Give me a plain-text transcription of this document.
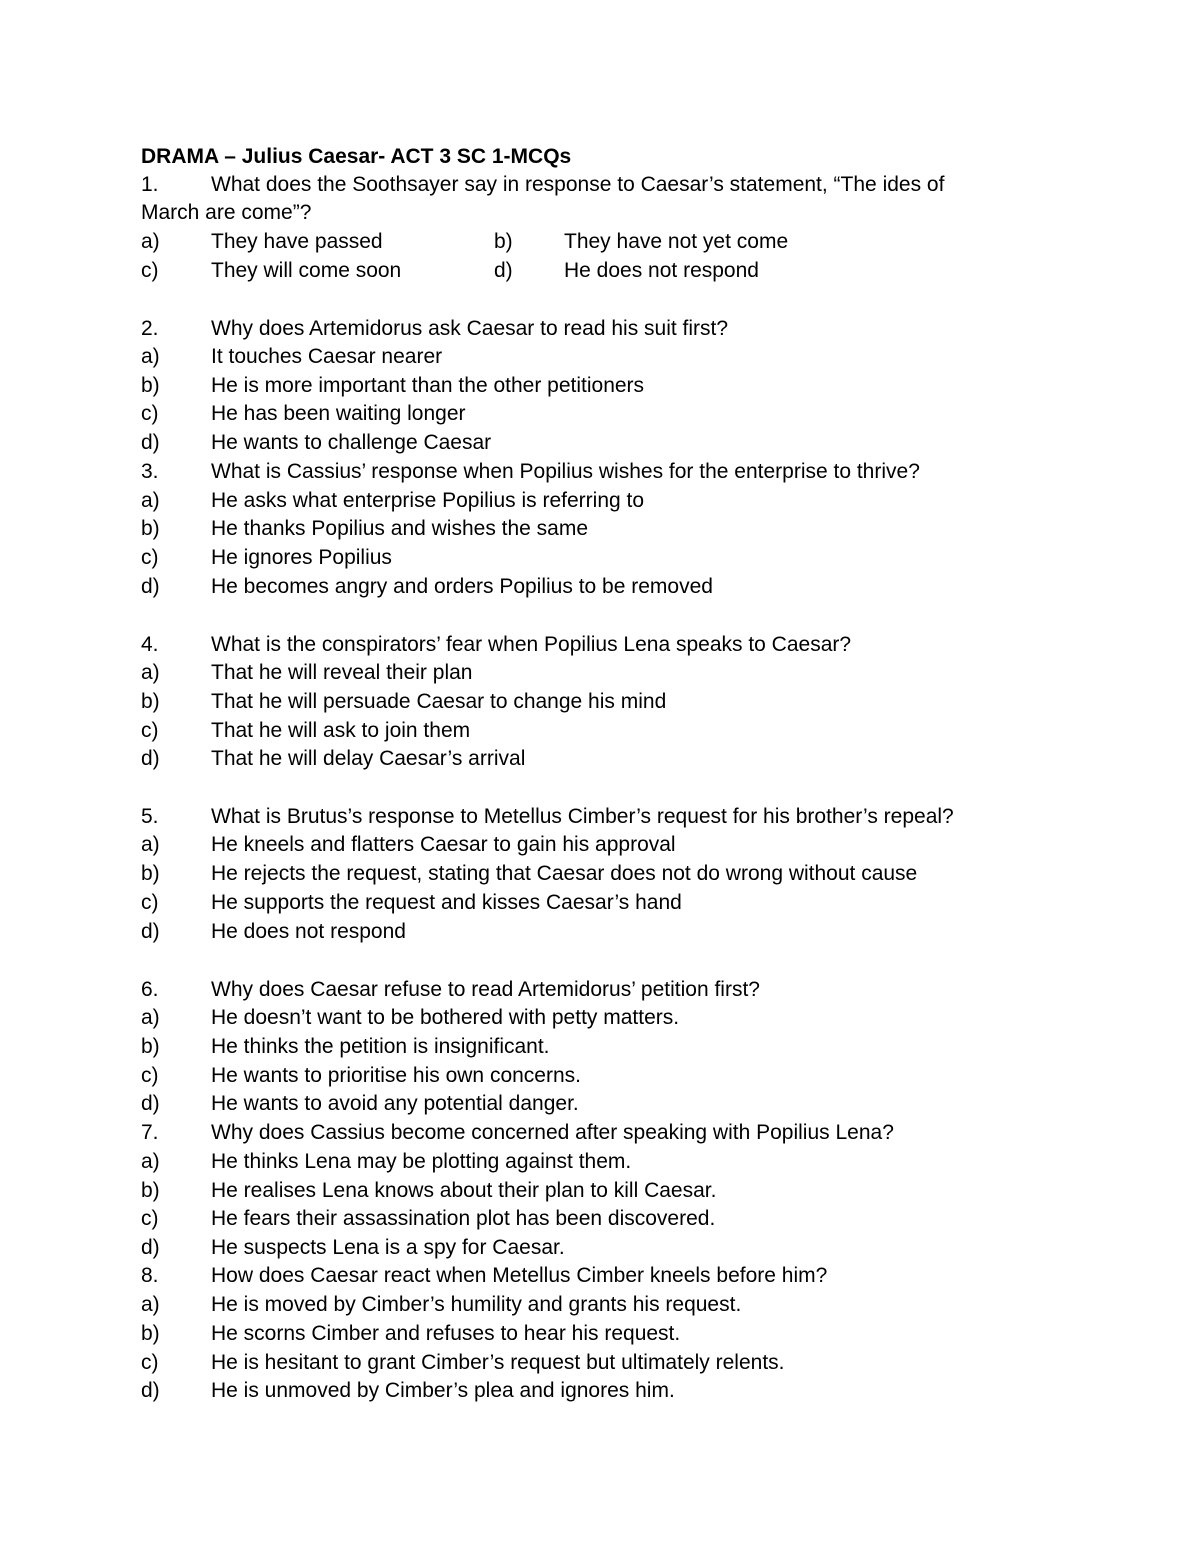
DRAMA – Julius Caesar- ACT 3 SC 1-MCQs
1. What does the Soothsayer say in response to Caesar’s statement, “The ides of
March are come”?
a) They have passed	b) They have not yet come
c)	They will come soon	d) He does not respond
2. Why does Artemidorus ask Caesar to read his suit first?
a) It touches Caesar nearer
b) He is more important than the other petitioners
c)	He has been waiting longer
d) He wants to challenge Caesar
3. What is Cassius’ response when Popilius wishes for the enterprise to thrive?
a) He asks what enterprise Popilius is referring to
b) He thanks Popilius and wishes the same
c)	He ignores Popilius
d) He becomes angry and orders Popilius to be removed
4. What is the conspirators’ fear when Popilius Lena speaks to Caesar?
a) That he will reveal their plan
b) That he will persuade Caesar to change his mind
c)	That he will ask to join them
d) That he will delay Caesar’s arrival
5. What is Brutus’s response to Metellus Cimber’s request for his brother’s repeal?
a) He kneels and flatters Caesar to gain his approval
b) He rejects the request, stating that Caesar does not do wrong without cause
c)	He supports the request and kisses Caesar’s hand
d) He does not respond
6. Why does Caesar refuse to read Artemidorus’ petition first?
a) He doesn’t want to be bothered with petty matters.
b) He thinks the petition is insignificant.
c)	He wants to prioritise his own concerns.
d) He wants to avoid any potential danger.
7. Why does Cassius become concerned after speaking with Popilius Lena?
a) He thinks Lena may be plotting against them.
b) He realises Lena knows about their plan to kill Caesar.
c)	He fears their assassination plot has been discovered.
d) He suspects Lena is a spy for Caesar.
8. How does Caesar react when Metellus Cimber kneels before him?
a) He is moved by Cimber’s humility and grants his request.
b) He scorns Cimber and refuses to hear his request.
c)	He is hesitant to grant Cimber’s request but ultimately relents.
d) He is unmoved by Cimber’s plea and ignores him.
